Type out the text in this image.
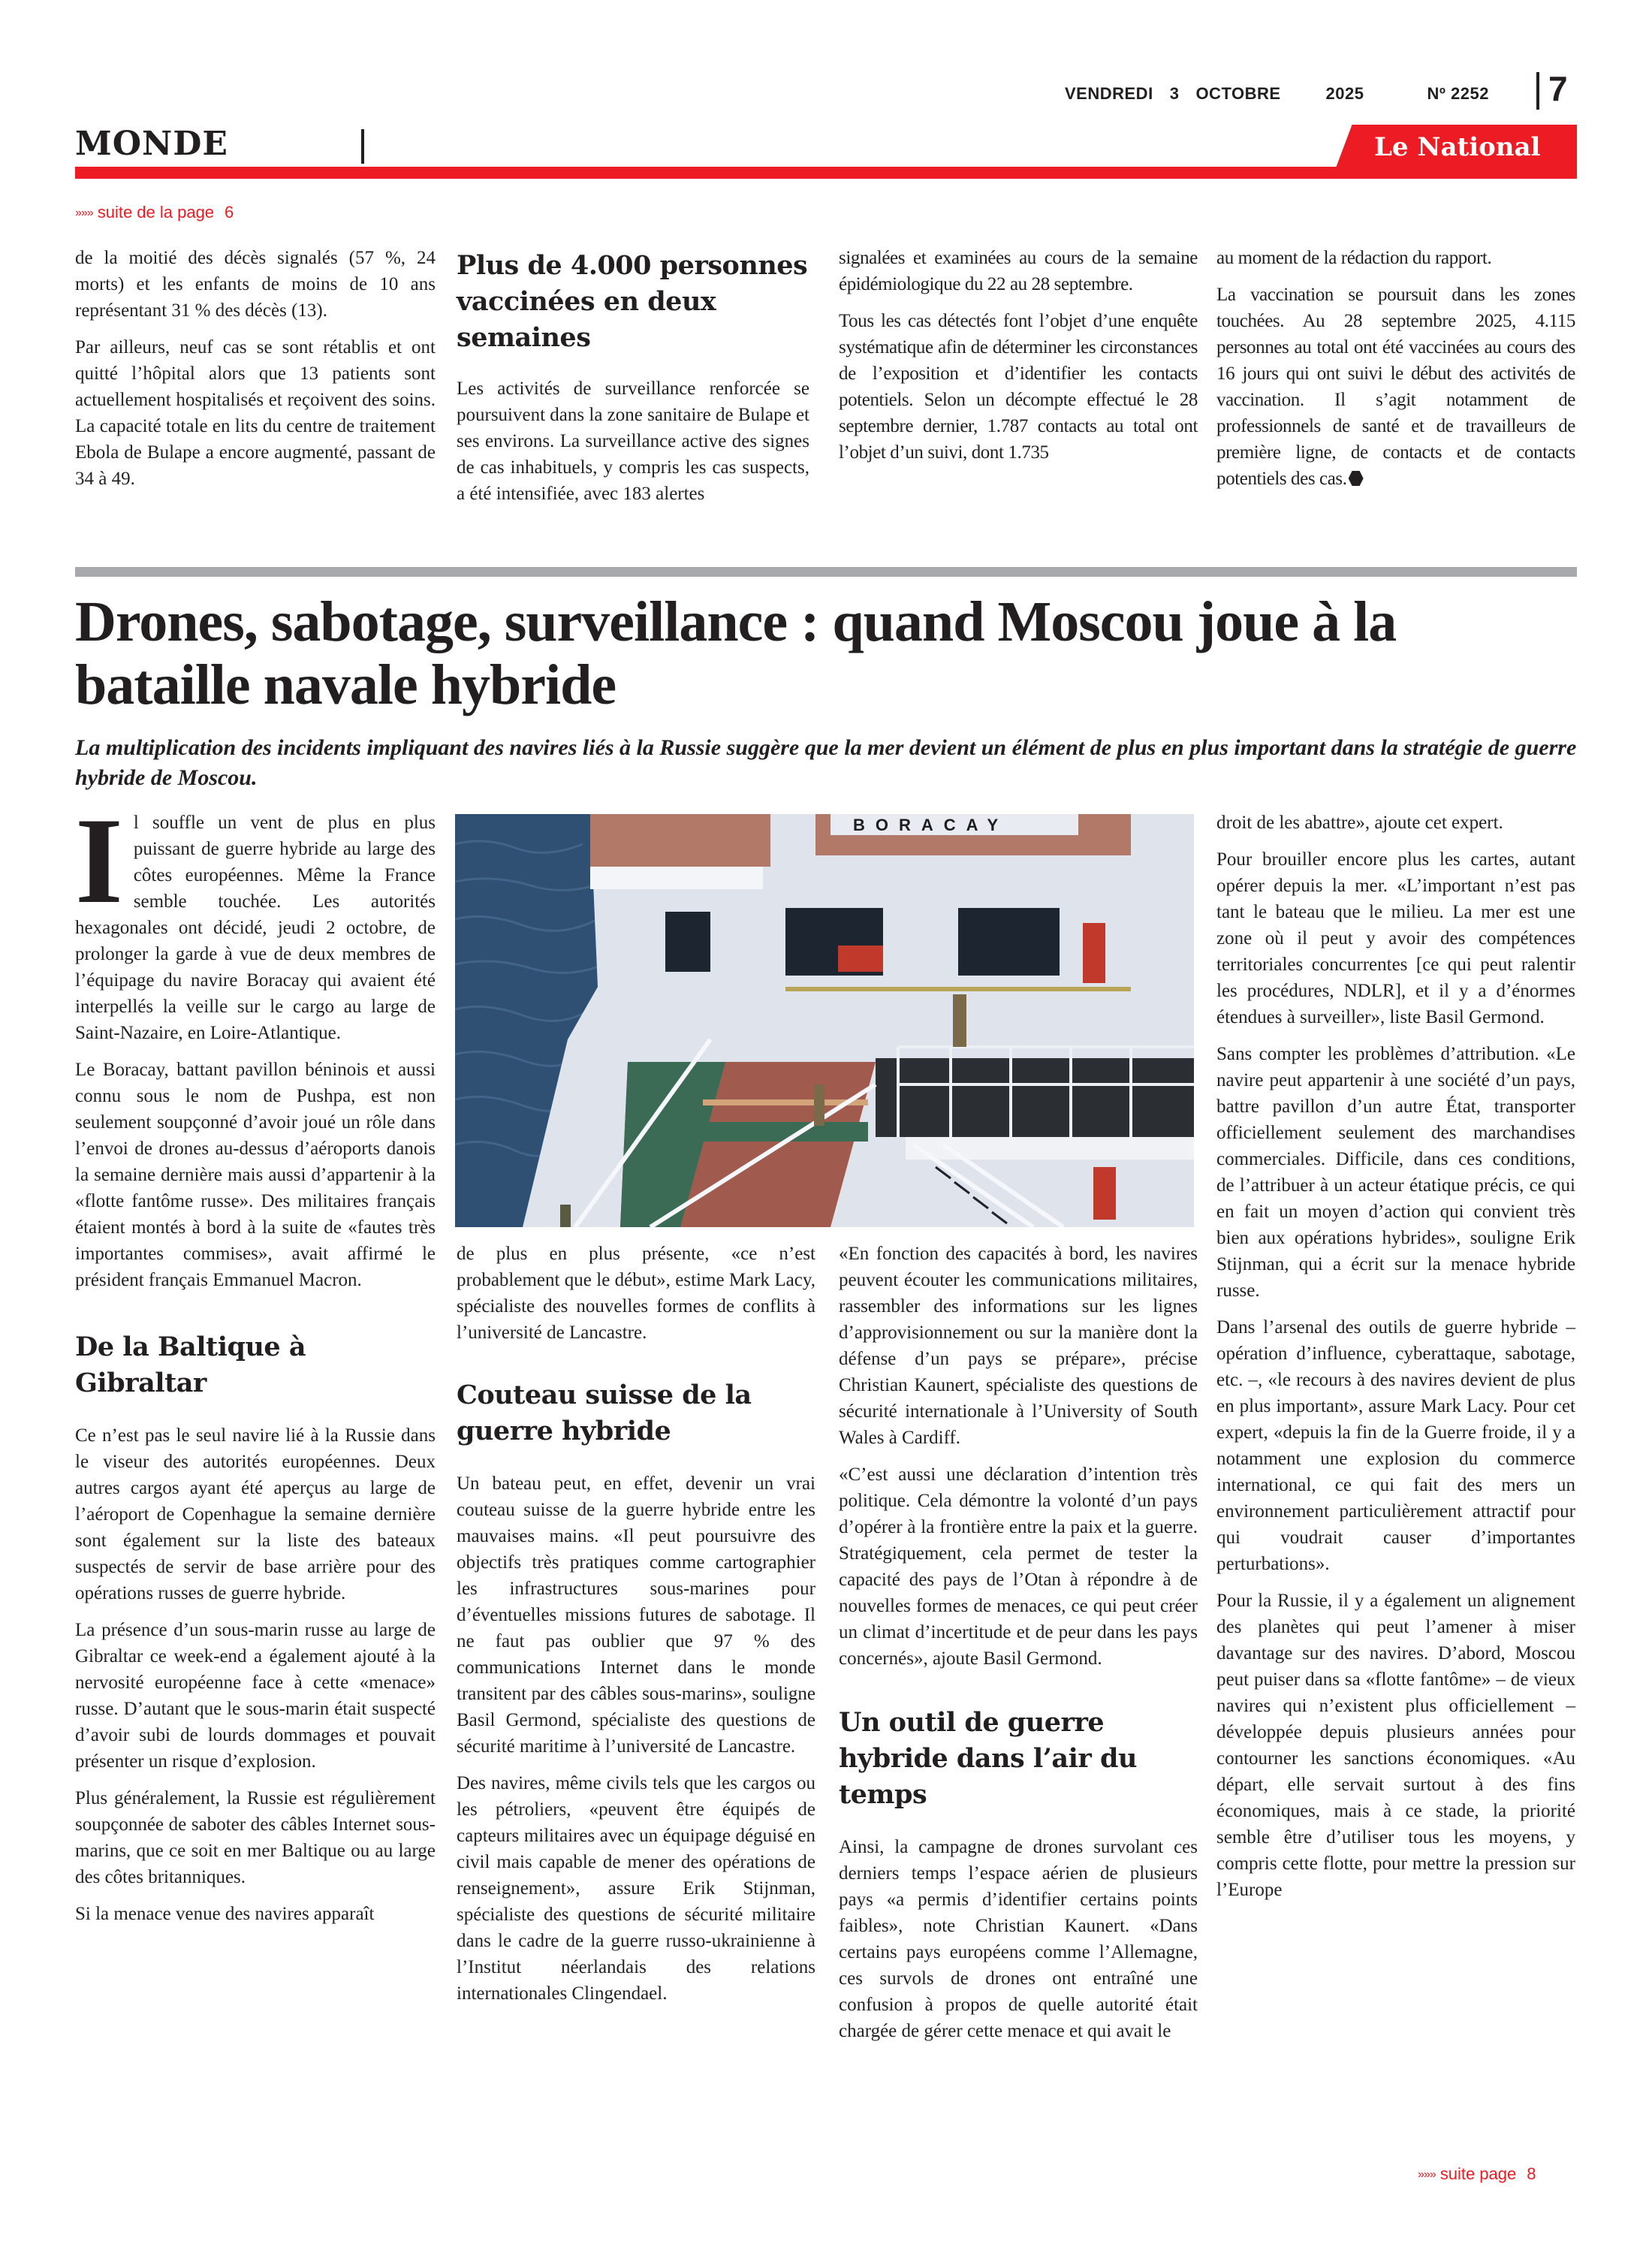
VENDREDI 3 OCTOBRE	2025	Nº 2252 7
MONDE	Le National
»»» suite de la page 6

de la moitié des décès signalés (57 %, 24 morts) et les enfants de moins de 10 ans représentant 31 % des décès (13).

Par ailleurs, neuf cas se sont rétablis et ont quitté l’hôpital alors que 13 patients sont actuellement hospitalisés et reçoivent des soins. La capacité totale en lits du centre de traitement Ebola de Bulape a encore augmenté, passant de 34 à 49.

Plus de 4.000 personnes vaccinées en deux semaines

Les activités de surveillance renforcée se poursuivent dans la zone sanitaire de Bulape et ses environs. La surveillance active des signes de cas inhabituels, y compris les cas suspects, a été intensifiée, avec 183 alertes

signalées et examinées au cours de la semaine épidémiologique du 22 au 28 septembre.

Tous les cas détectés font l’objet d’une enquête systématique afin de déterminer les circonstances de l’exposition et d’identifier les contacts potentiels. Selon un décompte effectué le 28 septembre dernier, 1.787 contacts au total ont l’objet d’un suivi, dont 1.735

au moment de la rédaction du rapport.

La vaccination se poursuit dans les zones touchées. Au 28 septembre 2025, 4.115 personnes au total ont été vaccinées au cours des 16 jours qui ont suivi le début des activités de vaccination. Il s’agit notamment de professionnels de santé et de travailleurs de première ligne, de contacts et de contacts potentiels des cas.

Drones, sabotage, surveillance : quand Moscou joue à la bataille navale hybride

La multiplication des incidents impliquant des navires liés à la Russie suggère que la mer devient un élément de plus en plus important dans la stratégie de guerre hybride de Moscou.

Il souffle un vent de plus en plus puissant de guerre hybride au large des côtes européennes. Même la France semble touchée. Les autorités hexagonales ont décidé, jeudi 2 octobre, de prolonger la garde à vue de deux membres de l’équipage du navire Boracay qui avaient été interpellés la veille sur le cargo au large de Saint-Nazaire, en Loire-Atlantique.

Le Boracay, battant pavillon béninois et aussi connu sous le nom de Pushpa, est non seulement soupçonné d’avoir joué un rôle dans l’envoi de drones au-dessus d’aéroports danois la semaine dernière mais aussi d’appartenir à la «flotte fantôme russe». Des militaires français étaient montés à bord à la suite de «fautes très importantes commises», avait affirmé le président français Emmanuel Macron.

De la Baltique à Gibraltar

Ce n’est pas le seul navire lié à la Russie dans le viseur des autorités européennes. Deux autres cargos ayant été aperçus au large de l’aéroport de Copenhague la semaine dernière sont également sur la liste des bateaux suspectés de servir de base arrière pour des opérations russes de guerre hybride.

La présence d’un sous-marin russe au large de Gibraltar ce week-end a également ajouté à la nervosité européenne face à cette «menace» russe. D’autant que le sous-marin était suspecté d’avoir subi de lourds dommages et pouvait présenter un risque d’explosion.

Plus généralement, la Russie est régulièrement soupçonnée de saboter des câbles Internet sous-marins, que ce soit en mer Baltique ou au large des côtes britanniques.

Si la menace venue des navires apparaît

BORACAY

de plus en plus présente, «ce n’est probablement que le début», estime Mark Lacy, spécialiste des nouvelles formes de conflits à l’université de Lancastre.

Couteau suisse de la guerre hybride

Un bateau peut, en effet, devenir un vrai couteau suisse de la guerre hybride entre les mauvaises mains. «Il peut poursuivre des objectifs très pratiques comme cartographier les infrastructures sous-marines pour d’éventuelles missions futures de sabotage. Il ne faut pas oublier que 97 % des communications Internet dans le monde transitent par des câbles sous-marins», souligne Basil Germond, spécialiste des questions de sécurité maritime à l’université de Lancastre.

Des navires, même civils tels que les cargos ou les pétroliers, «peuvent être équipés de capteurs militaires avec un équipage déguisé en civil mais capable de mener des opérations de renseignement», assure Erik Stijnman, spécialiste des questions de sécurité militaire dans le cadre de la guerre russo-ukrainienne à l’Institut néerlandais des relations internationales Clingendael.

«En fonction des capacités à bord, les navires peuvent écouter les communications militaires, rassembler des informations sur les lignes d’approvisionnement ou sur la manière dont la défense d’un pays se prépare», précise Christian Kaunert, spécialiste des questions de sécurité internationale à l’University of South Wales à Cardiff.

«C’est aussi une déclaration d’intention très politique. Cela démontre la volonté d’un pays d’opérer à la frontière entre la paix et la guerre. Stratégiquement, cela permet de tester la capacité des pays de l’Otan à répondre à de nouvelles formes de menaces, ce qui peut créer un climat d’incertitude et de peur dans les pays concernés», ajoute Basil Germond.

Un outil de guerre hybride dans l’air du temps

Ainsi, la campagne de drones survolant ces derniers temps l’espace aérien de plusieurs pays «a permis d’identifier certains points faibles», note Christian Kaunert. «Dans certains pays européens comme l’Allemagne, ces survols de drones ont entraîné une confusion à propos de quelle autorité était chargée de gérer cette menace et qui avait le

droit de les abattre», ajoute cet expert.

Pour brouiller encore plus les cartes, autant opérer depuis la mer. «L’important n’est pas tant le bateau que le milieu. La mer est une zone où il peut y avoir des compétences territoriales concurrentes [ce qui peut ralentir les procédures, NDLR], et il y a d’énormes étendues à surveiller», liste Basil Germond.

Sans compter les problèmes d’attribution. «Le navire peut appartenir à une société d’un pays, battre pavillon d’un autre État, transporter officiellement seulement des marchandises commerciales. Difficile, dans ces conditions, de l’attribuer à un acteur étatique précis, ce qui en fait un moyen d’action qui convient très bien aux opérations hybrides», souligne Erik Stijnman, qui a écrit sur la menace hybride russe.

Dans l’arsenal des outils de guerre hybride – opération d’influence, cyberattaque, sabotage, etc. –, «le recours à des navires devient de plus en plus important», assure Mark Lacy. Pour cet expert, «depuis la fin de la Guerre froide, il y a notamment une explosion du commerce international, ce qui fait des mers un environnement particulièrement attractif pour qui voudrait causer d’importantes perturbations».

Pour la Russie, il y a également un alignement des planètes qui peut l’amener à miser davantage sur des navires. D’abord, Moscou peut puiser dans sa «flotte fantôme» – de vieux navires qui n’existent plus officiellement – développée depuis plusieurs années pour contourner les sanctions économiques. «Au départ, elle servait surtout à des fins économiques, mais à ce stade, la priorité semble être d’utiliser tous les moyens, y compris cette flotte, pour mettre la pression sur l’Europe

»»» suite page 8
